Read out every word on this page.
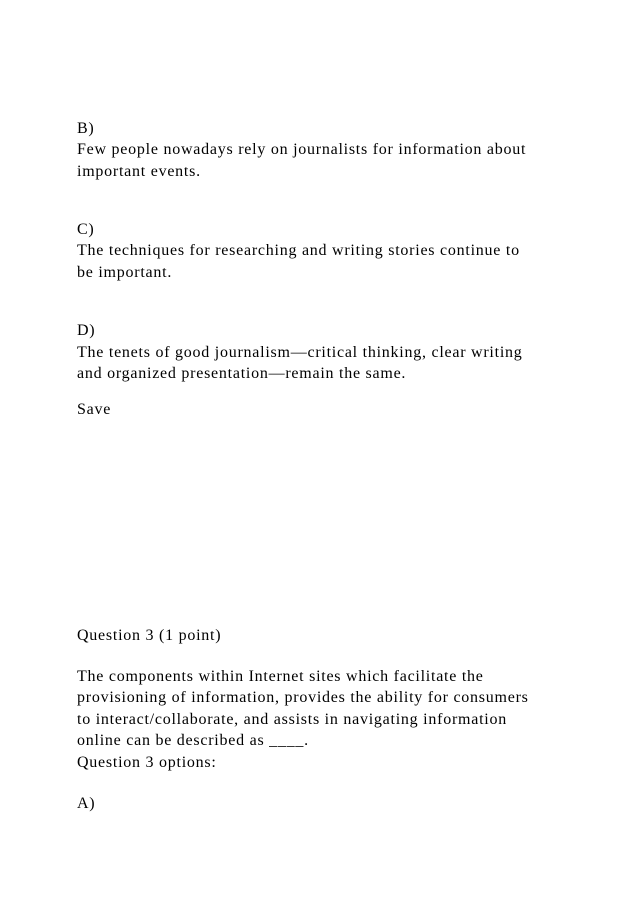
B)
Few people nowadays rely on journalists for information about
important events.
C)
The techniques for researching and writing stories continue to
be important.
D)
The tenets of good journalism—critical thinking, clear writing
and organized presentation—remain the same.
Save
Question 3 (1 point)
The components within Internet sites which facilitate the
provisioning of information, provides the ability for consumers
to interact/collaborate, and assists in navigating information
online can be described as ____.
Question 3 options:
A)
